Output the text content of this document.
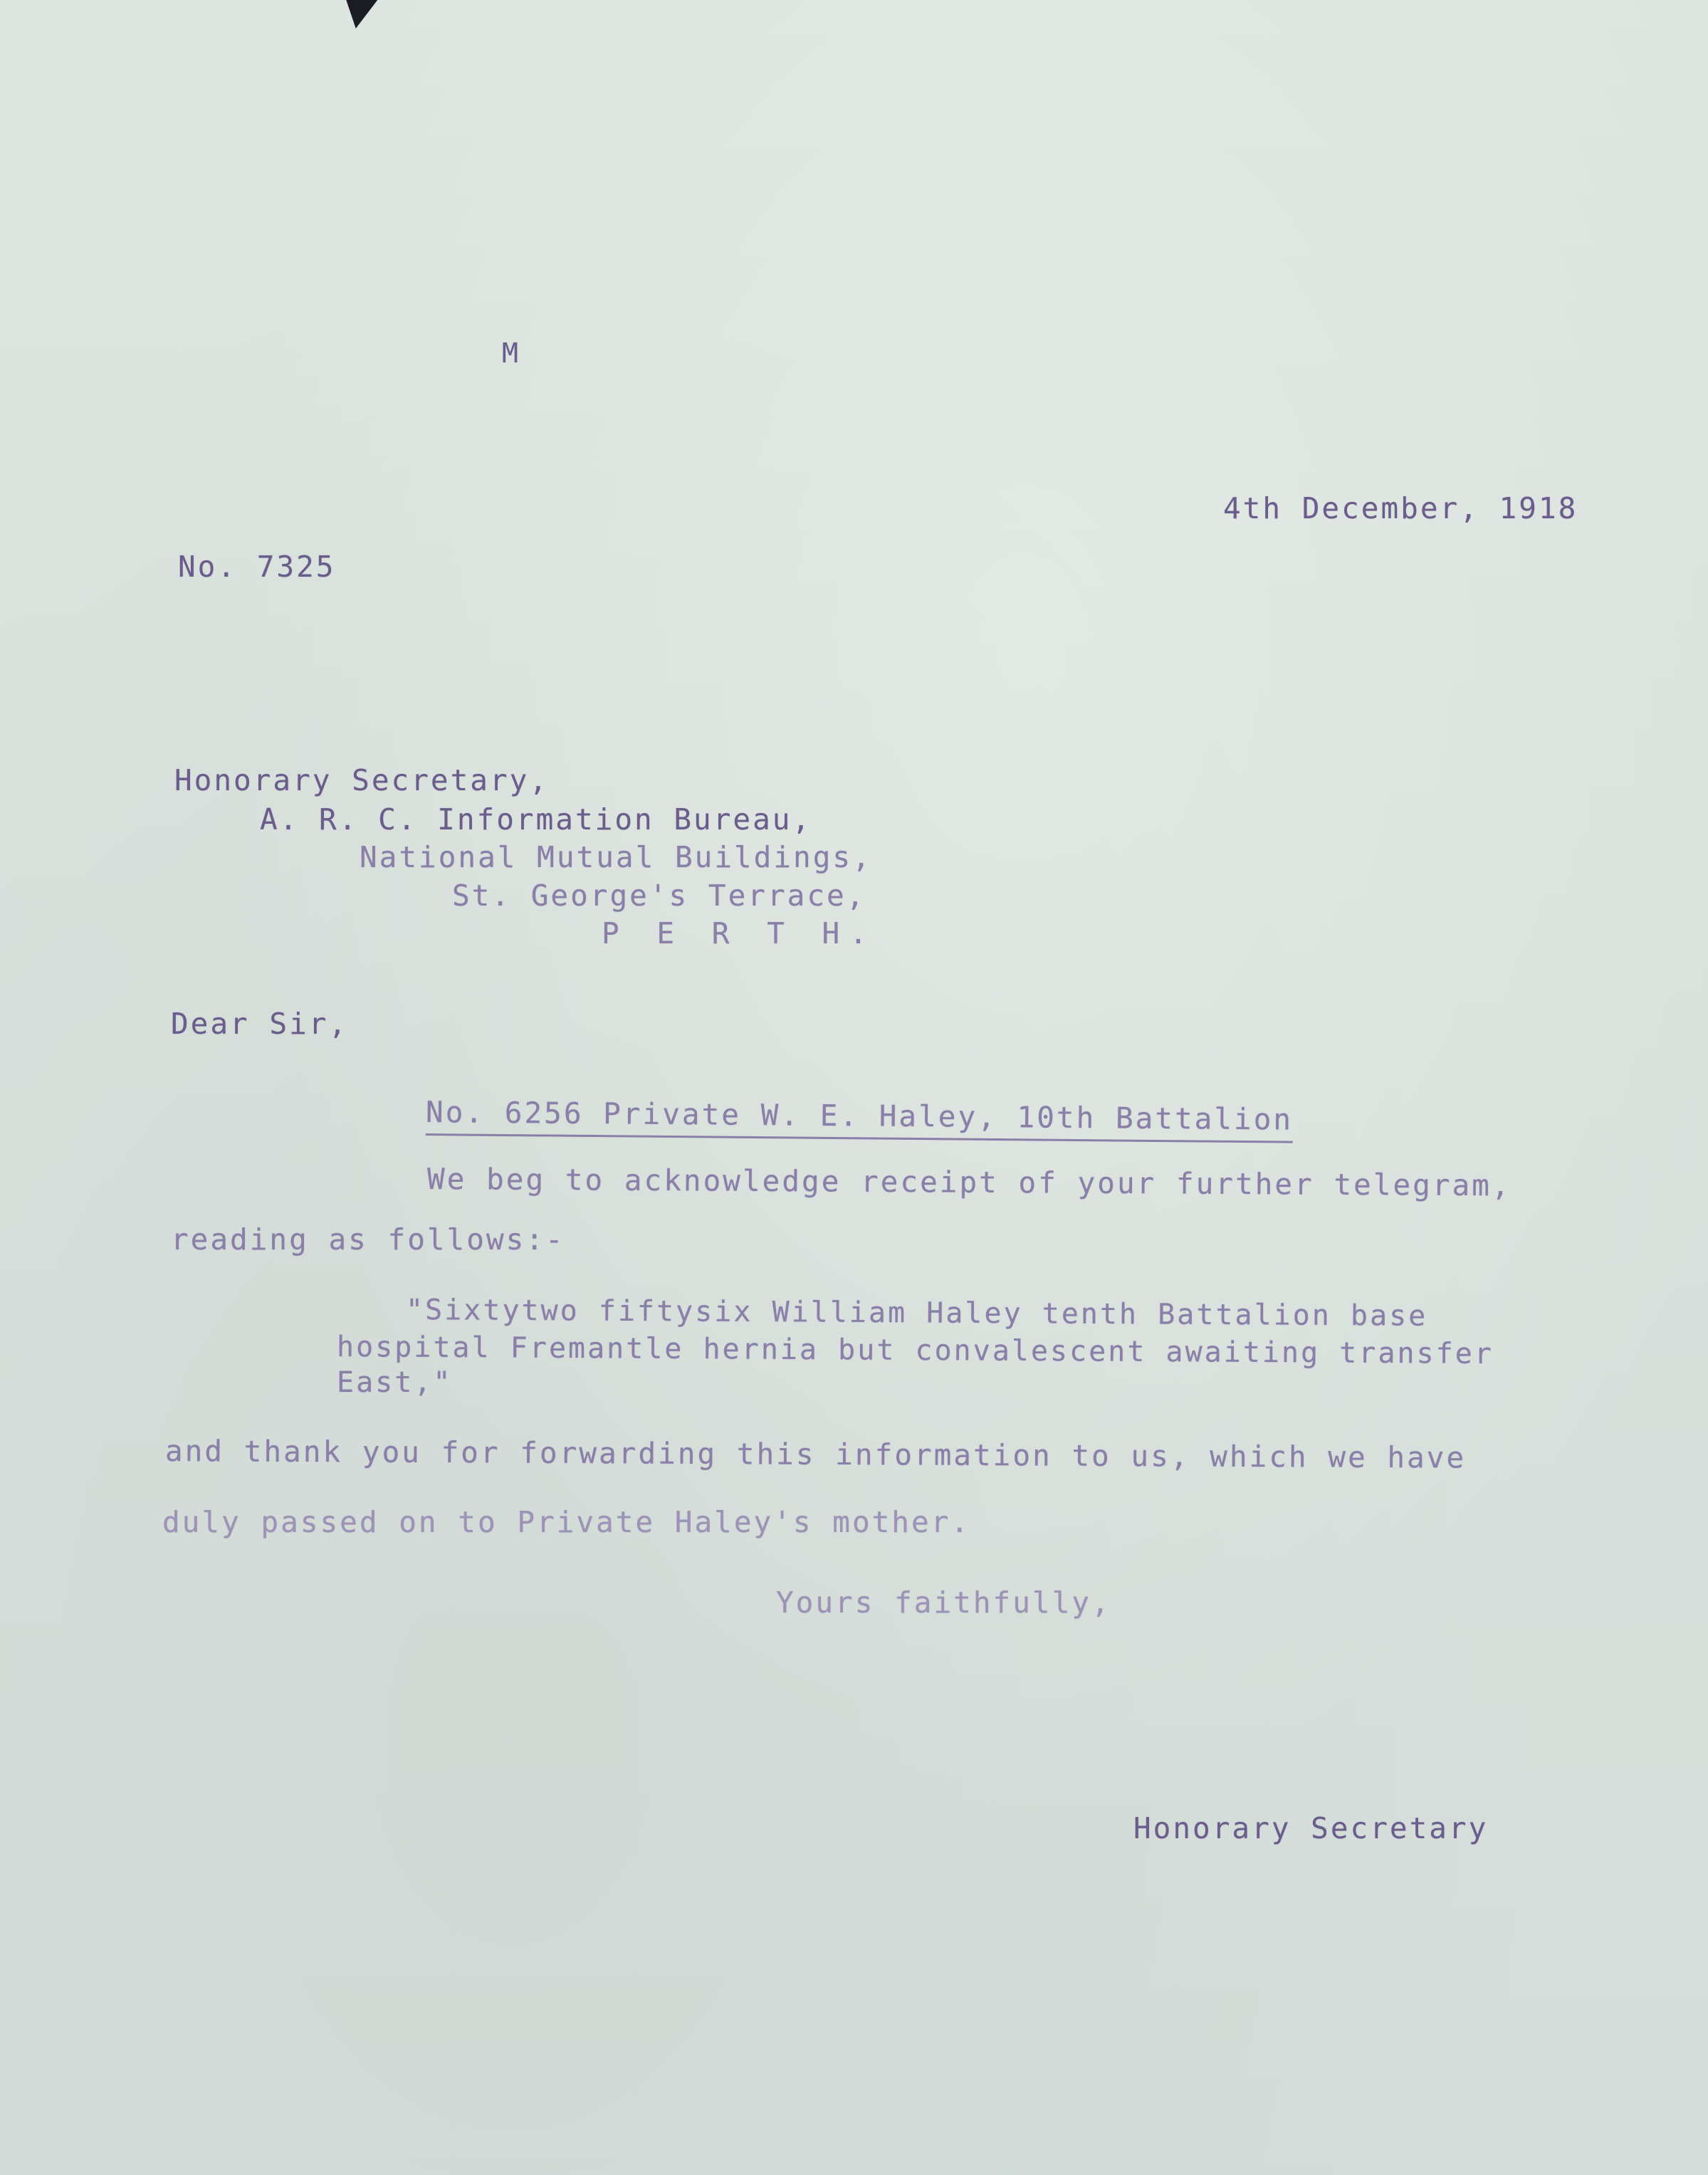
M

4th December, 1918

No. 7325

Honorary Secretary,

A. R. C. Information Bureau,

National Mutual Buildings,

St. George's Terrace,

P E R T H.

Dear Sir,

No. 6256 Private W. E. Haley, 10th Battalion

We beg to acknowledge receipt of your further telegram,

reading as follows:-

"Sixtytwo fiftysix William Haley tenth Battalion base

hospital Fremantle hernia but convalescent awaiting transfer

East,"

and thank you for forwarding this information to us, which we have

duly passed on to Private Haley's mother.

Yours faithfully,

Honorary Secretary
